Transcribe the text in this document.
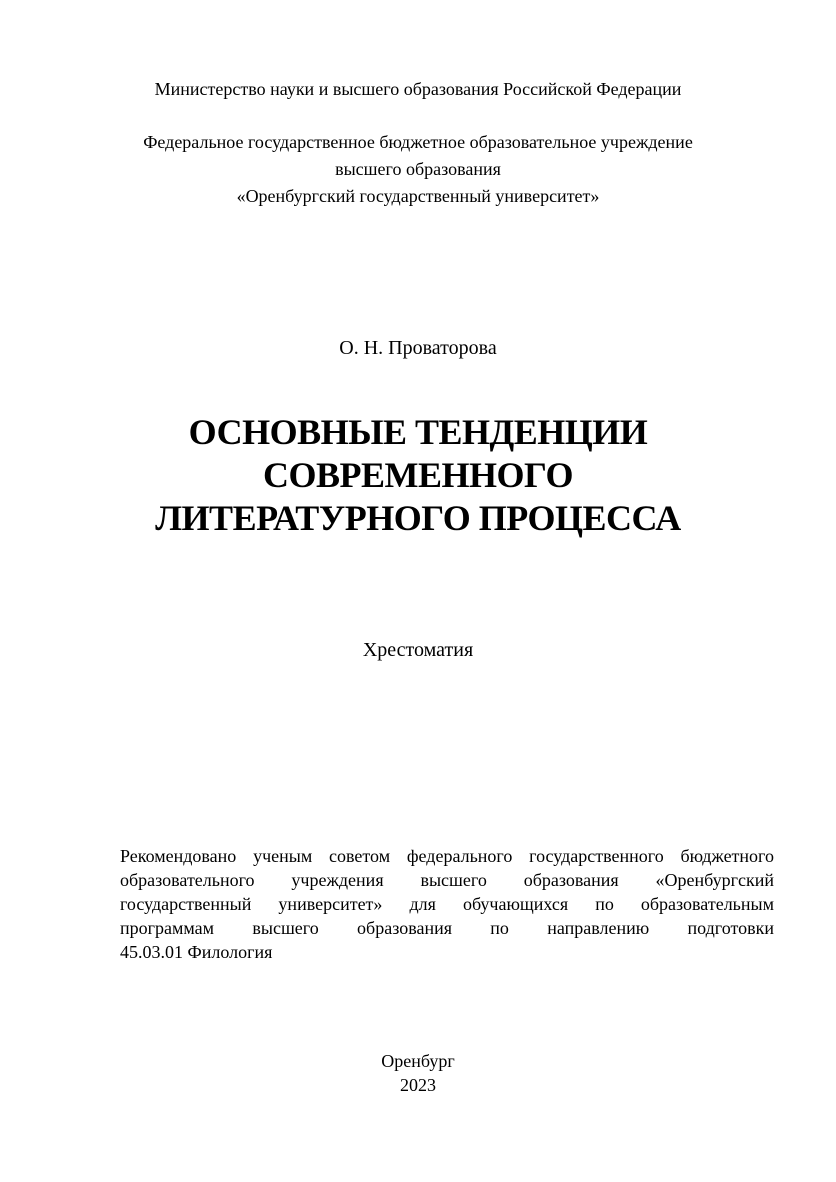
Министерство науки и высшего образования Российской Федерации
Федеральное государственное бюджетное образовательное учреждение
высшего образования
«Оренбургский государственный университет»
О. Н. Проваторова
ОСНОВНЫЕ ТЕНДЕНЦИИ
СОВРЕМЕННОГО
ЛИТЕРАТУРНОГО ПРОЦЕССА
Хрестоматия
Рекомендовано ученым советом федерального государственного бюджетного
образовательного учреждения высшего образования «Оренбургский
государственный университет» для обучающихся по образовательным
программам высшего образования по направлению подготовки
45.03.01 Филология
Оренбург
2023
